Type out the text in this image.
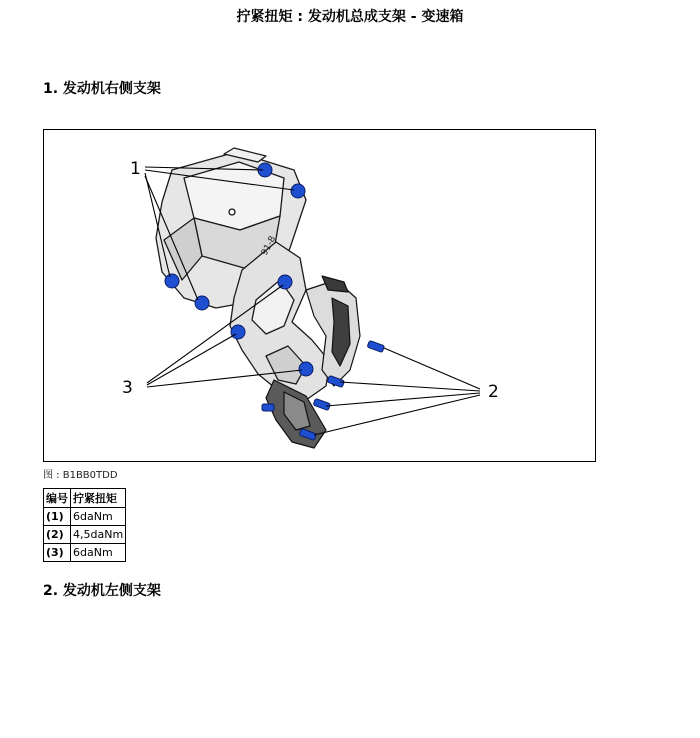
拧紧扭矩 : 发动机总成支架 - 变速箱
1. 发动机右侧支架
91-8
1
2
3
图 : B1BB0TDD
编号	拧紧扭矩
(1)	6daNm
(2)	4,5daNm
(3)	6daNm
2. 发动机左侧支架
